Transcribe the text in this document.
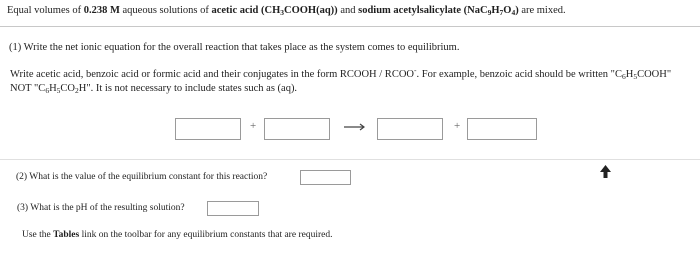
Equal volumes of 0.238 M aqueous solutions of acetic acid $(CH_3COOH(aq))$ and sodium acetylsalicylate $(NaC_9H_7O_4)$ are mixed.
(1) Write the net ionic equation for the overall reaction that takes place as the system comes to equilibrium.

Write acetic acid, benzoic acid or formic acid and their conjugates in the form RCOOH / RCOO-. For example, benzoic acid should be written "$C_6H_5COOH$"

NOT "$C_6H_5CO_2H$". It is not necessary to include states such as (aq).

+	+
(2) What is the value of the equilibrium constant for this reaction?
(3) What is the pH of the resulting solution?
Use the Tables link on the toolbar for any equilibrium constants that are required.
